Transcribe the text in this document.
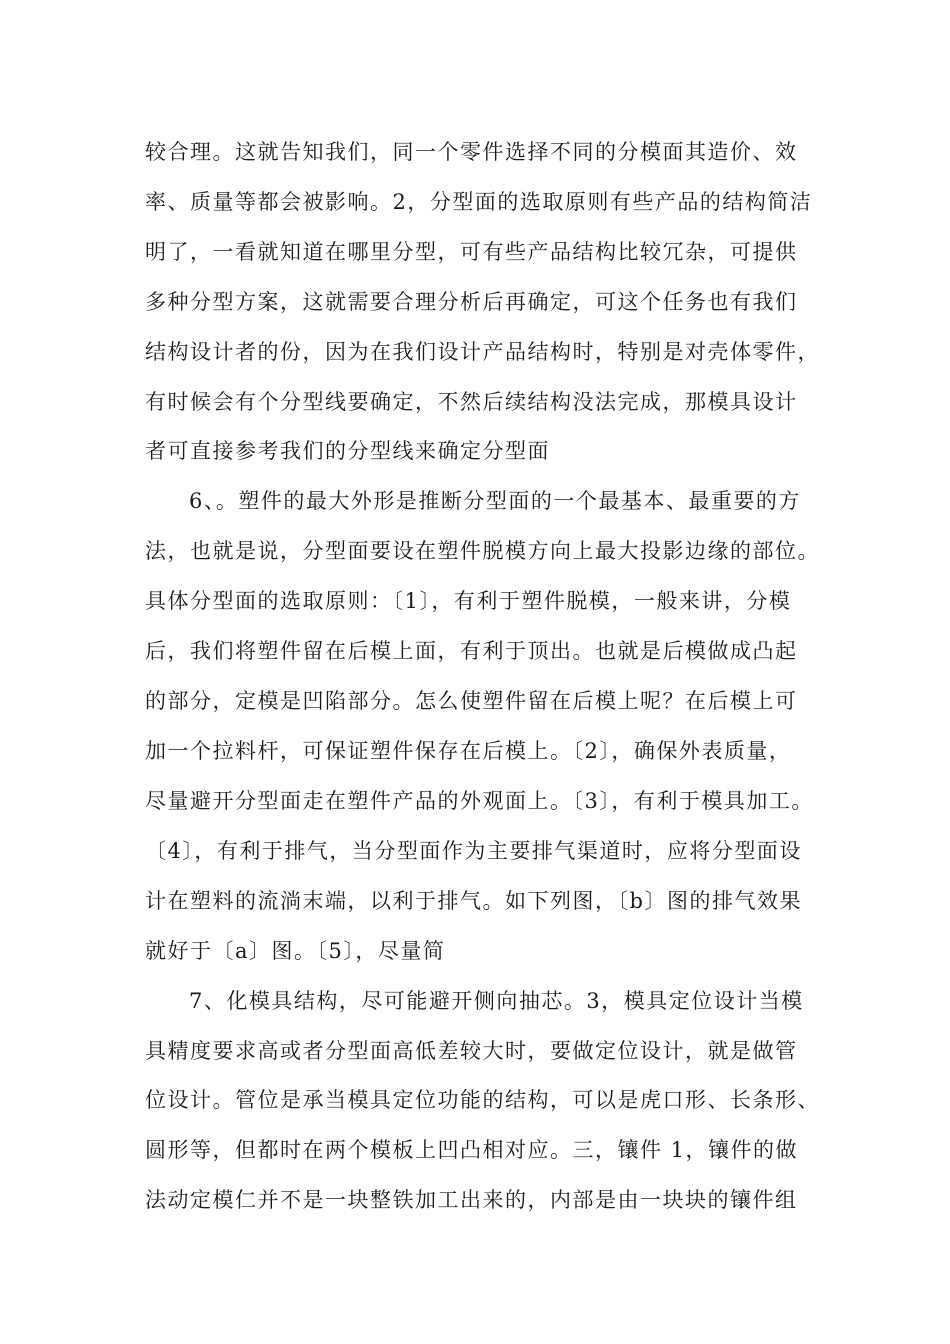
较合理。这就告知我们，同一个零件选择不同的分模面其造价、效
率、质量等都会被影响。2，分型面的选取原则有些产品的结构简洁
明了，一看就知道在哪里分型，可有些产品结构比较冗杂，可提供
多种分型方案，这就需要合理分析后再确定，可这个任务也有我们
结构设计者的份，因为在我们设计产品结构时，特别是对壳体零件，
有时候会有个分型线要确定，不然后续结构没法完成，那模具设计
者可直接参考我们的分型线来确定分型面
6、。塑件的最大外形是推断分型面的一个最基本、最重要的方
法，也就是说，分型面要设在塑件脱模方向上最大投影边缘的部位。
具体分型面的选取原则：〔1〕，有利于塑件脱模，一般来讲，分模
后，我们将塑件留在后模上面，有利于顶出。也就是后模做成凸起
的部分，定模是凹陷部分。怎么使塑件留在后模上呢？在后模上可
加一个拉料杆，可保证塑件保存在后模上。〔2〕，确保外表质量，
尽量避开分型面走在塑件产品的外观面上。〔3〕，有利于模具加工。
〔4〕，有利于排气，当分型面作为主要排气渠道时，应将分型面设
计在塑料的流淌末端，以利于排气。如下列图，〔b〕图的排气效果
就好于〔a〕图。〔5〕，尽量简
7、化模具结构，尽可能避开侧向抽芯。3，模具定位设计当模
具精度要求高或者分型面高低差较大时，要做定位设计，就是做管
位设计。管位是承当模具定位功能的结构，可以是虎口形、长条形、
圆形等，但都时在两个模板上凹凸相对应。三，镶件 1，镶件的做
法动定模仁并不是一块整铁加工出来的，内部是由一块块的镶件组
